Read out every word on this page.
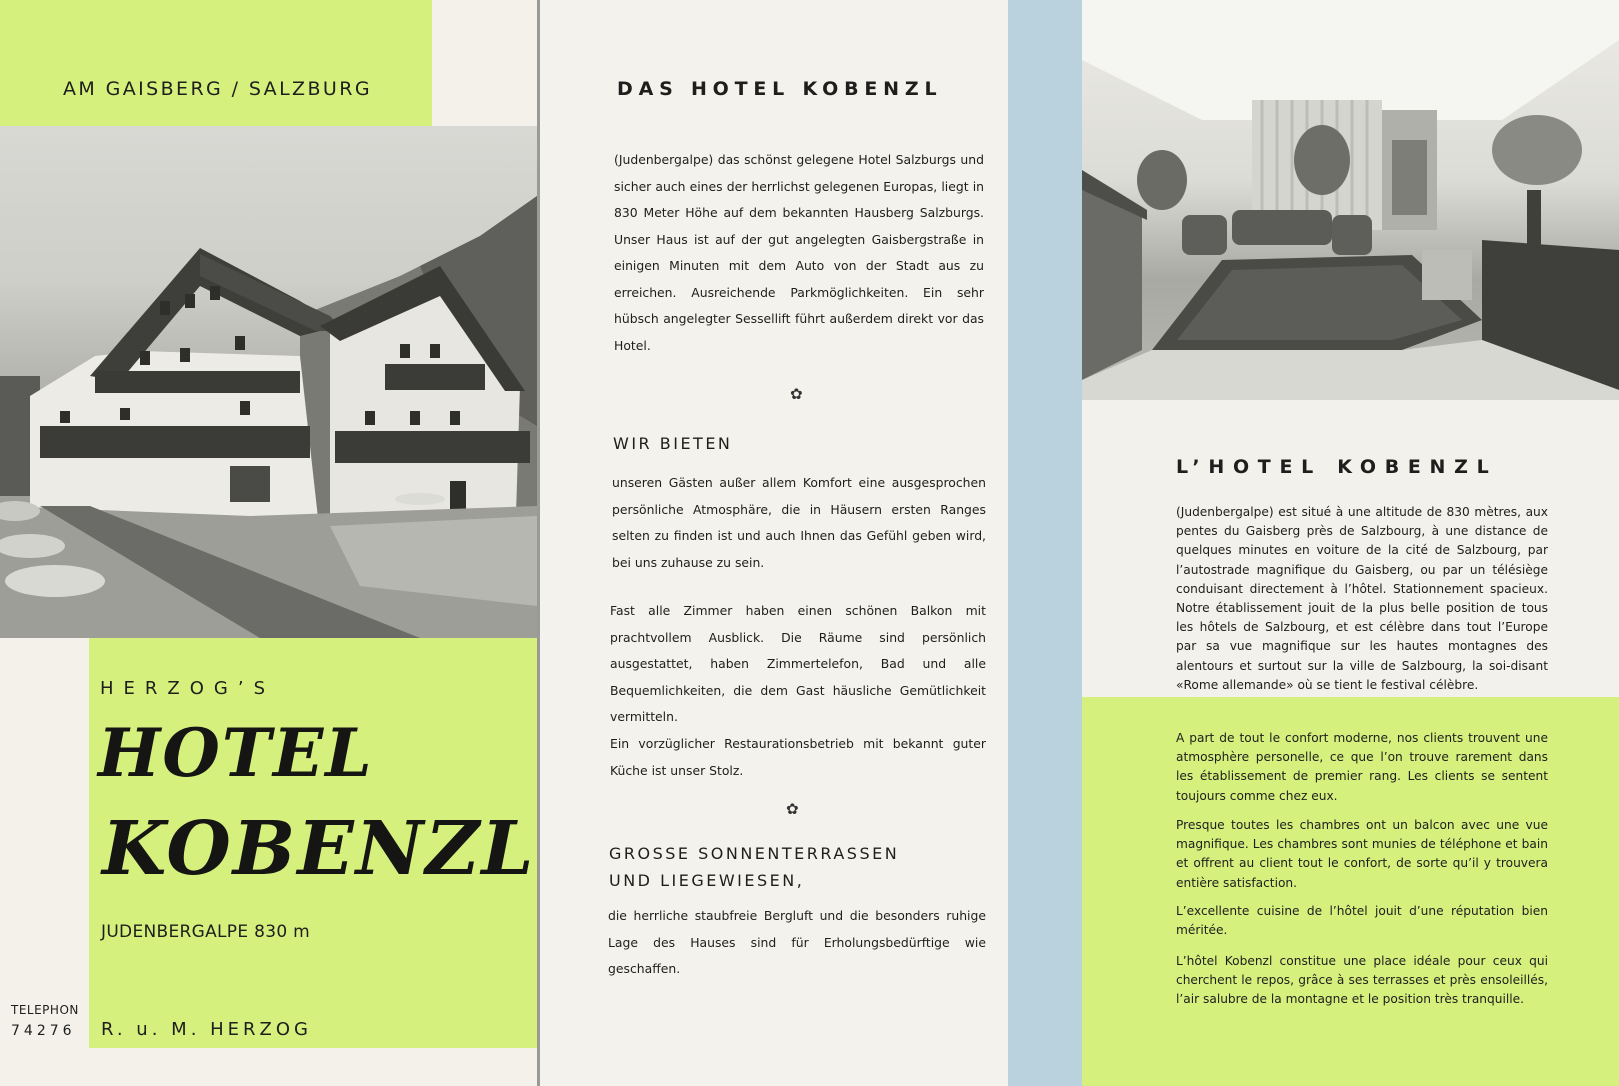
AM GAISBERG / SALZBURG
HERZOG’S
HOTEL
KOBENZL
JUDENBERGALPE 830 m
TELEPHON
74276 R. u. M. HERZOG
DAS HOTEL KOBENZL
(Judenbergalpe) das schönst gelegene Hotel Salzburgs und sicher auch eines der herrlichst gelegenen Europas, liegt in 830 Meter Höhe auf dem bekannten Hausberg Salzburgs. Unser Haus ist auf der gut angelegten Gaisbergstraße in einigen Minuten mit dem Auto von der Stadt aus zu erreichen. Ausreichende Parkmöglichkeiten. Ein sehr hübsch angelegter Sessellift führt außerdem direkt vor das Hotel.
✿
WIR BIETEN
unseren Gästen außer allem Komfort eine ausgesprochen persönliche Atmosphäre, die in Häusern ersten Ranges selten zu finden ist und auch Ihnen das Gefühl geben wird, bei uns zuhause zu sein.
Fast alle Zimmer haben einen schönen Balkon mit prachtvollem Ausblick. Die Räume sind persönlich ausgestattet, haben Zimmertelefon, Bad und alle Bequemlichkeiten, die dem Gast häusliche Gemütlichkeit vermitteln.
Ein vorzüglicher Restaurationsbetrieb mit bekannt guter Küche ist unser Stolz.
✿
GROSSE SONNENTERRASSEN
UND LIEGEWIESEN,
die herrliche staubfreie Bergluft und die besonders ruhige Lage des Hauses sind für Erholungsbedürftige wie geschaffen.
L’HOTEL KOBENZL
(Judenbergalpe) est situé à une altitude de 830 mètres, aux pentes du Gaisberg près de Salzbourg, à une distance de quelques minutes en voiture de la cité de Salzbourg, par l’autostrade magnifique du Gaisberg, ou par un télésiège conduisant directement à l’hôtel. Stationnement spacieux. Notre établissement jouit de la plus belle position de tous les hôtels de Salzbourg, et est célèbre dans tout l’Europe par sa vue magnifique sur les hautes montagnes des alentours et surtout sur la ville de Salzbourg, la soi-disant «Rome allemande» où se tient le festival célèbre.
A part de tout le confort moderne, nos clients trouvent une atmosphère personelle, ce que l’on trouve rarement dans les établissement de premier rang. Les clients se sentent toujours comme chez eux.
Presque toutes les chambres ont un balcon avec une vue magnifique. Les chambres sont munies de téléphone et bain et offrent au client tout le confort, de sorte qu’il y trouvera entière satisfaction.
L’excellente cuisine de l’hôtel jouit d’une réputation bien méritée.
L’hôtel Kobenzl constitue une place idéale pour ceux qui cherchent le repos, grâce à ses terrasses et près ensoleillés, l’air salubre de la montagne et le position très tranquille.
